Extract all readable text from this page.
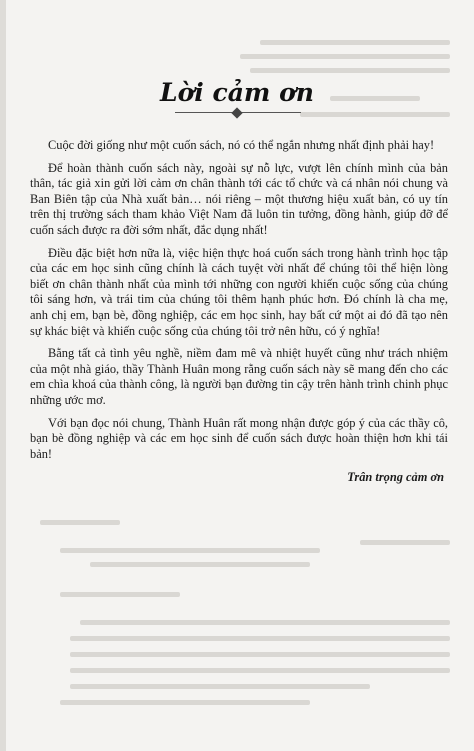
Lời cảm ơn

Cuộc đời giống như một cuốn sách, nó có thể ngắn nhưng nhất định phải hay!

Để hoàn thành cuốn sách này, ngoài sự nỗ lực, vượt lên chính mình của bản thân, tác giả xin gửi lời cảm ơn chân thành tới các tổ chức và cá nhân nói chung và Ban Biên tập của Nhà xuất bản… nói riêng – một thương hiệu xuất bản, có uy tín trên thị trường sách tham khảo Việt Nam đã luôn tin tưởng, đồng hành, giúp đỡ để cuốn sách được ra đời sớm nhất, đắc dụng nhất!

Điều đặc biệt hơn nữa là, việc hiện thực hoá cuốn sách trong hành trình học tập của các em học sinh cũng chính là cách tuyệt vời nhất để chúng tôi thể hiện lòng biết ơn chân thành nhất của mình tới những con người khiến cuộc sống của chúng tôi sáng hơn, và trái tim của chúng tôi thêm hạnh phúc hơn. Đó chính là cha mẹ, anh chị em, bạn bè, đồng nghiệp, các em học sinh, hay bất cứ một ai đó đã tạo nên sự khác biệt và khiến cuộc sống của chúng tôi trở nên hữu, có ý nghĩa!

Bằng tất cả tình yêu nghề, niềm đam mê và nhiệt huyết cũng như trách nhiệm của một nhà giáo, thầy Thành Huân mong rằng cuốn sách này sẽ mang đến cho các em chìa khoá của thành công, là người bạn đường tin cậy trên hành trình chinh phục những ước mơ.

Với bạn đọc nói chung, Thành Huân rất mong nhận được góp ý của các thầy cô, bạn bè đồng nghiệp và các em học sinh để cuốn sách được hoàn thiện hơn khi tái bản!

Trân trọng cảm ơn
